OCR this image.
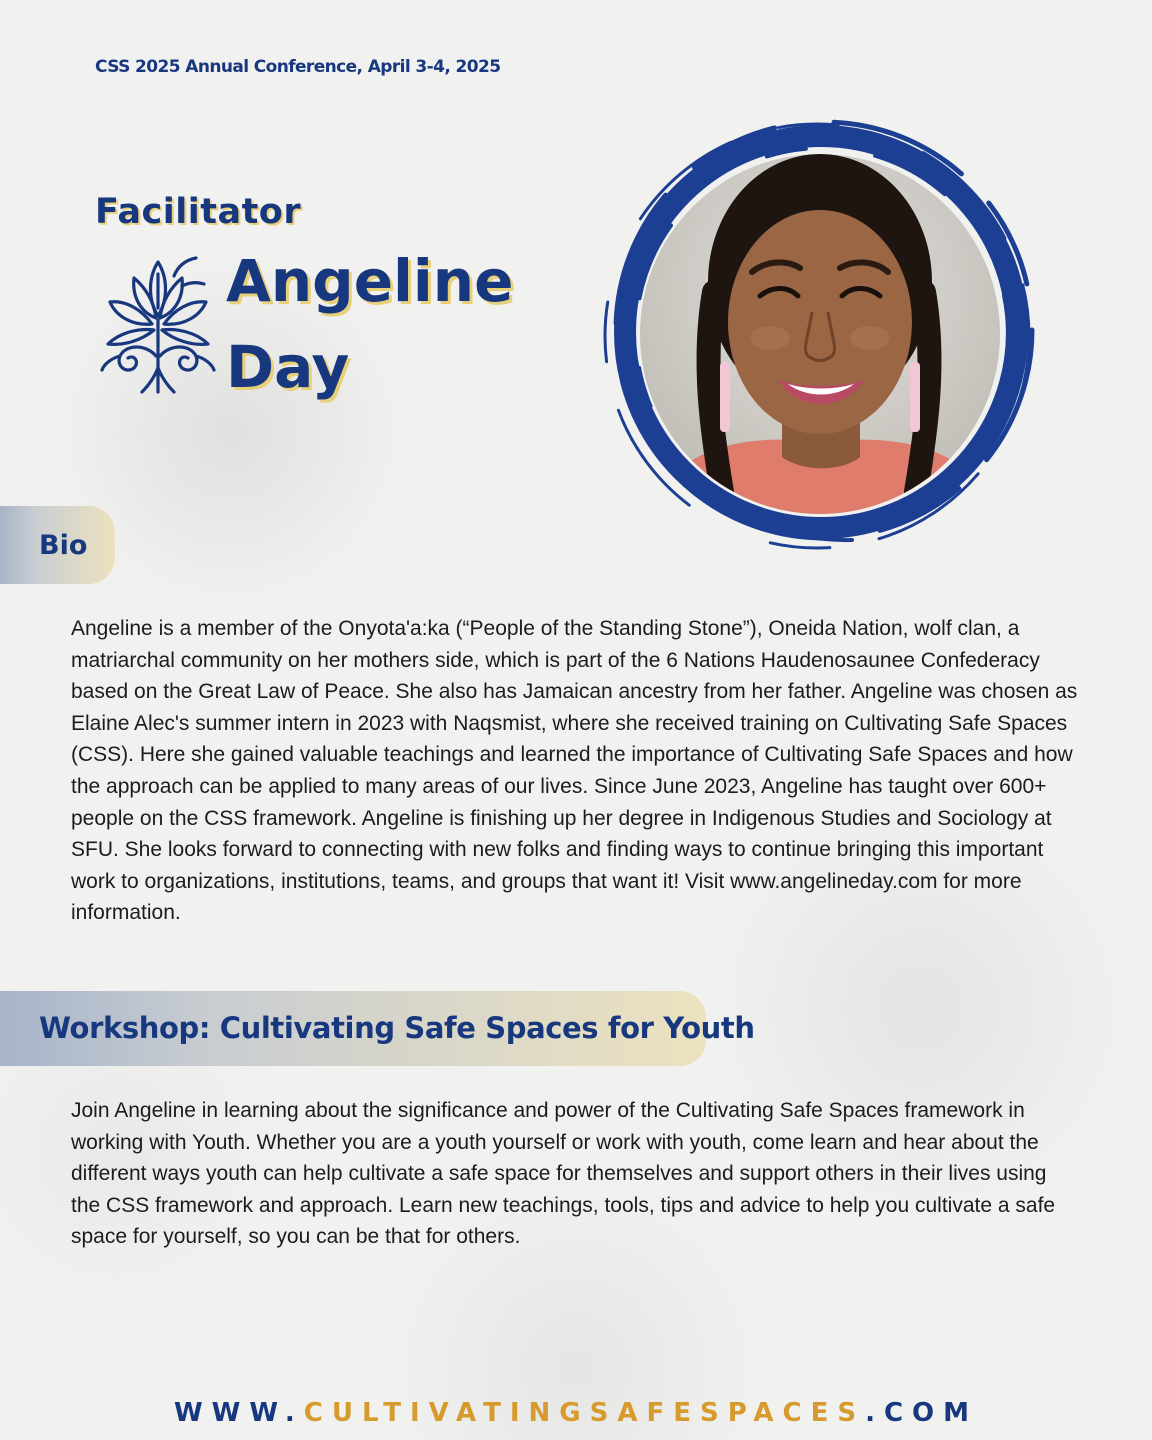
CSS 2025 Annual Conference, April 3-4, 2025
Facilitator
Angeline
Day
Bio

Angeline is a member of the Onyota'a:ka (“People of the Standing Stone”), Oneida Nation, wolf clan, a matriarchal community on her mothers side, which is part of the 6 Nations Haudenosaunee Confederacy based on the Great Law of Peace. She also has Jamaican ancestry from her father. Angeline was chosen as Elaine Alec's summer intern in 2023 with Naqsmist, where she received training on Cultivating Safe Spaces (CSS). Here she gained valuable teachings and learned the importance of Cultivating Safe Spaces and how the approach can be applied to many areas of our lives. Since June 2023, Angeline has taught over 600+ people on the CSS framework. Angeline is finishing up her degree in Indigenous Studies and Sociology at SFU. She looks forward to connecting with new folks and finding ways to continue bringing this important work to organizations, institutions, teams, and groups that want it! Visit www.angelineday.com for more information.

Workshop: Cultivating Safe Spaces for Youth

Join Angeline in learning about the significance and power of the Cultivating Safe Spaces framework in working with Youth. Whether you are a youth yourself or work with youth, come learn and hear about the different ways youth can help cultivate a safe space for themselves and support others in their lives using the CSS framework and approach. Learn new teachings, tools, tips and advice to help you cultivate a safe space for yourself, so you can be that for others.

WWW.CULTIVATINGSAFESPACES.COM
